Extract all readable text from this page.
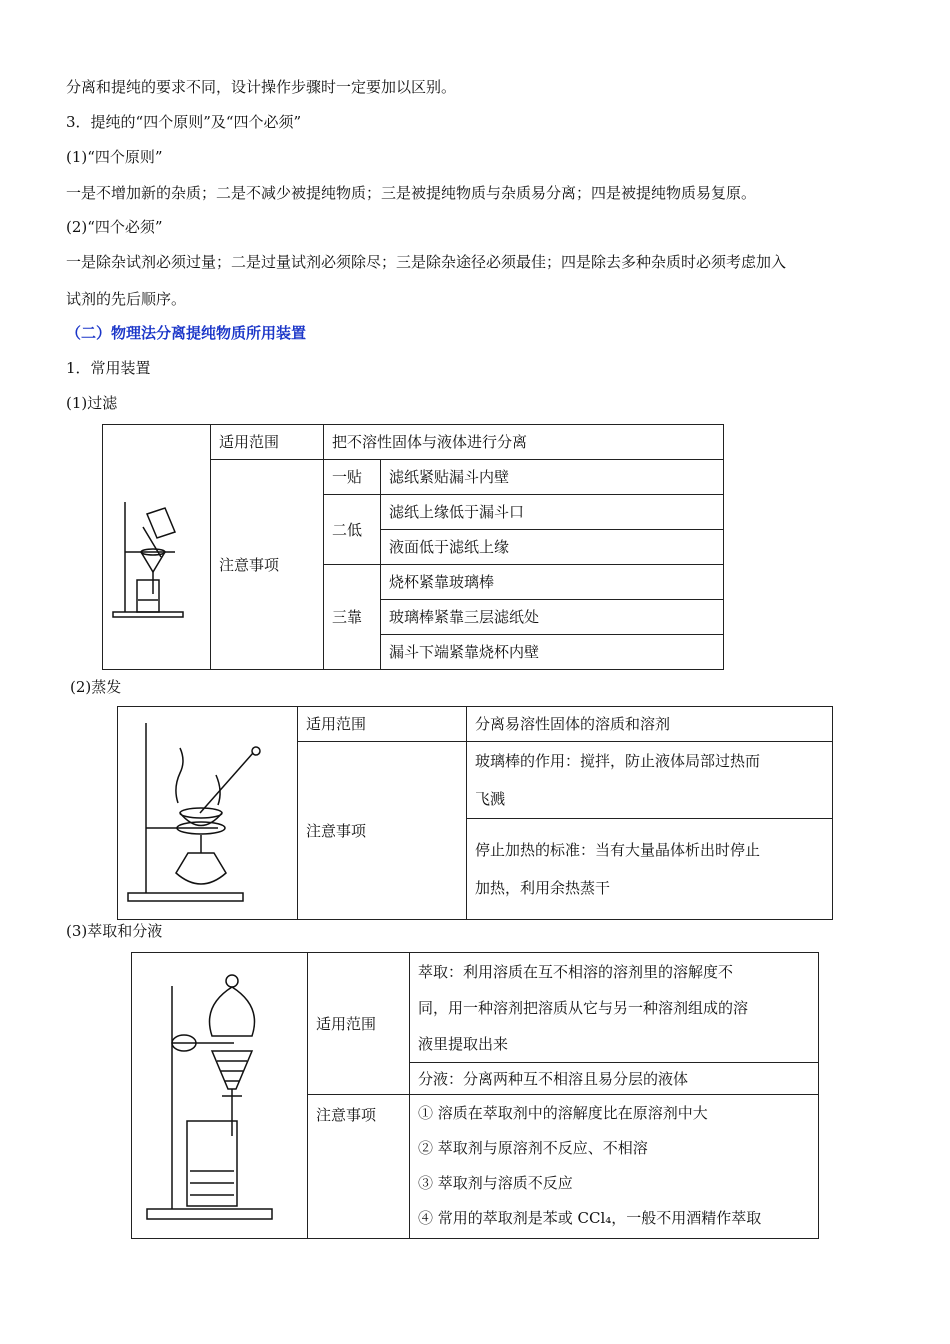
分离和提纯的要求不同，设计操作步骤时一定要加以区别。
3．提纯的“四个原则”及“四个必须”
(1)“四个原则”
一是不增加新的杂质；二是不减少被提纯物质；三是被提纯物质与杂质易分离；四是被提纯物质易复原。
(2)“四个必须”
一是除杂试剂必须过量；二是过量试剂必须除尽；三是除杂途径必须最佳；四是除去多种杂质时必须考虑加入
试剂的先后顺序。
（二）物理法分离提纯物质所用装置
1．常用装置
(1)过滤
	适用范围	把不溶性固体与液体进行分离	
	注意事项	一贴	滤纸紧贴漏斗内壁
		二低	滤纸上缘低于漏斗口
			液面低于滤纸上缘
		三靠	烧杯紧靠玻璃棒
			玻璃棒紧靠三层滤纸处
			漏斗下端紧靠烧杯内壁
(2)蒸发
	适用范围	分离易溶性固体的溶质和溶剂
	注意事项	玻璃棒的作用：搅拌，防止液体局部过热而
飞溅
		停止加热的标准：当有大量晶体析出时停止
加热，利用余热蒸干
(3)萃取和分液
	适用范围	萃取：利用溶质在互不相溶的溶剂里的溶解度不
同，用一种溶剂把溶质从它与另一种溶剂组成的溶
液里提取出来
		分液：分离两种互不相溶且易分层的液体
	注意事项	① 溶质在萃取剂中的溶解度比在原溶剂中大
② 萃取剂与原溶剂不反应、不相溶
③ 萃取剂与溶质不反应
④ 常用的萃取剂是苯或 CCl₄，一般不用酒精作萃取
